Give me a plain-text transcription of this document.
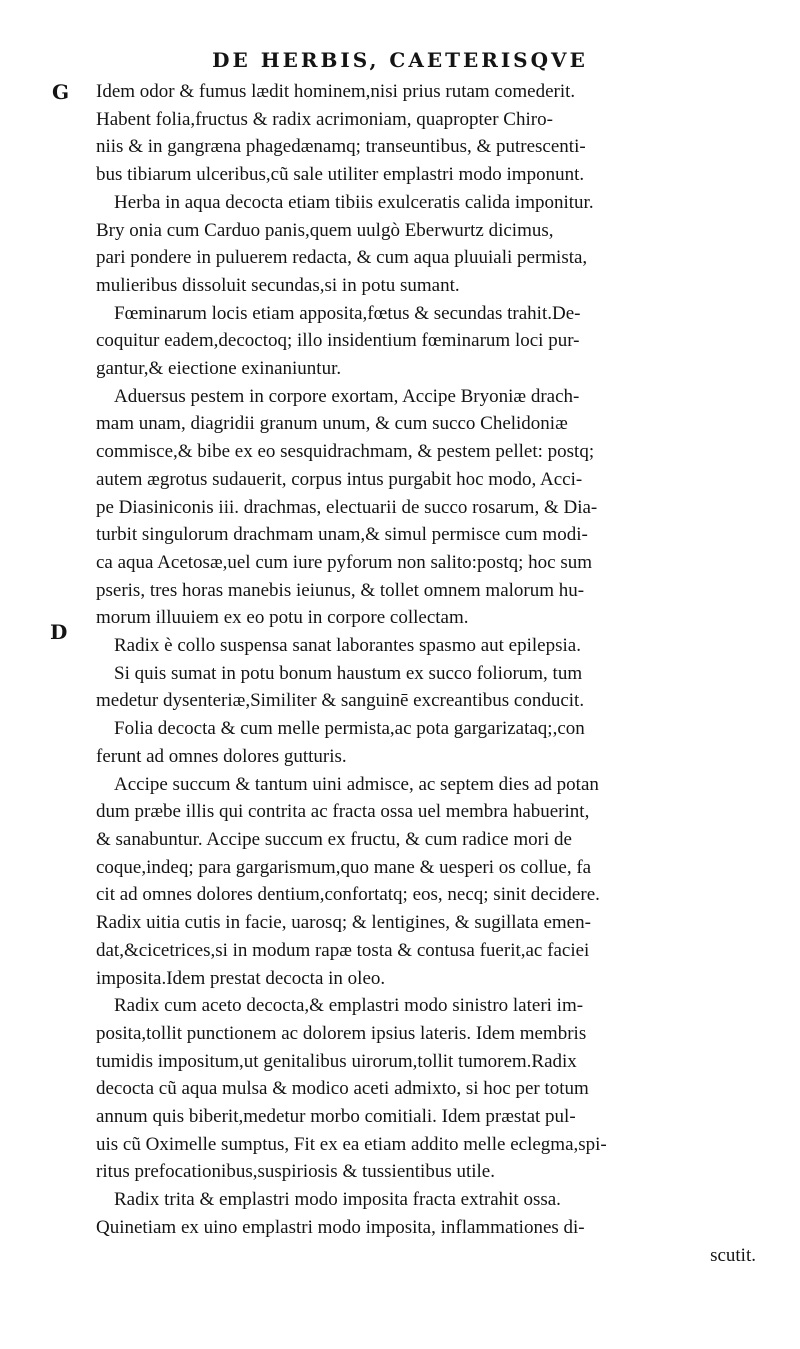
DE HERBIS, CAETERISQVE
G
D

Idem odor & fumus lædit hominem,nisi prius rutam comederit.

Habent folia,fructus & radix acrimoniam, quapropter Chiro-

niis & in gangræna phagedænamq; transeuntibus, & putrescenti-

bus tibiarum ulceribus,cũ sale utiliter emplastri modo imponunt.

Herba in aqua decocta etiam tibiis exulceratis calida imponitur.

Bry onia cum Carduo panis,quem uulgò Eberwurtz dicimus,

pari pondere in puluerem redacta, & cum aqua pluuiali permista,

mulieribus dissoluit secundas,si in potu sumant.

Fœminarum locis etiam apposita,fœtus & secundas trahit.De-

coquitur eadem,decoctoq; illo insidentium fœminarum loci pur-

gantur,& eiectione exinaniuntur.

Aduersus pestem in corpore exortam, Accipe Bryoniæ drach-

mam unam, diagridii granum unum, & cum succo Chelidoniæ

commisce,& bibe ex eo sesquidrachmam, & pestem pellet: postq;

autem ægrotus sudauerit, corpus intus purgabit hoc modo, Acci-

pe Diasiniconis iii. drachmas, electuarii de succo rosarum, & Dia-

turbit singulorum drachmam unam,& simul permisce cum modi-

ca aqua Acetosæ,uel cum iure pyforum non salito:postq; hoc sum

pseris, tres horas manebis ieiunus, & tollet omnem malorum hu-

morum illuuiem ex eo potu in corpore collectam.

Radix è collo suspensa sanat laborantes spasmo aut epilepsia.

Si quis sumat in potu bonum haustum ex succo foliorum, tum

medetur dysenteriæ,Similiter & sanguinē excreantibus conducit.

Folia decocta & cum melle permista,ac pota gargarizataq;,con

ferunt ad omnes dolores gutturis.

Accipe succum & tantum uini admisce, ac septem dies ad potan

dum præbe illis qui contrita ac fracta ossa uel membra habuerint,

& sanabuntur. Accipe succum ex fructu, & cum radice mori de

coque,indeq; para gargarismum,quo mane & uesperi os collue, fa

cit ad omnes dolores dentium,confortatq; eos, necq; sinit decidere.

Radix uitia cutis in facie, uarosq; & lentigines, & sugillata emen-

dat,&cicetrices,si in modum rapæ tosta & contusa fuerit,ac faciei

imposita.Idem prestat decocta in oleo.

Radix cum aceto decocta,& emplastri modo sinistro lateri im-

posita,tollit punctionem ac dolorem ipsius lateris. Idem membris

tumidis impositum,ut genitalibus uirorum,tollit tumorem.Radix

decocta cũ aqua mulsa & modico aceti admixto, si hoc per totum

annum quis biberit,medetur morbo comitiali. Idem præstat pul-

uis cũ Oximelle sumptus, Fit ex ea etiam addito melle eclegma,spi-

ritus prefocationibus,suspiriosis & tussientibus utile.

Radix trita & emplastri modo imposita fracta extrahit ossa.

Quinetiam ex uino emplastri modo imposita, inflammationes di-

scutit.
